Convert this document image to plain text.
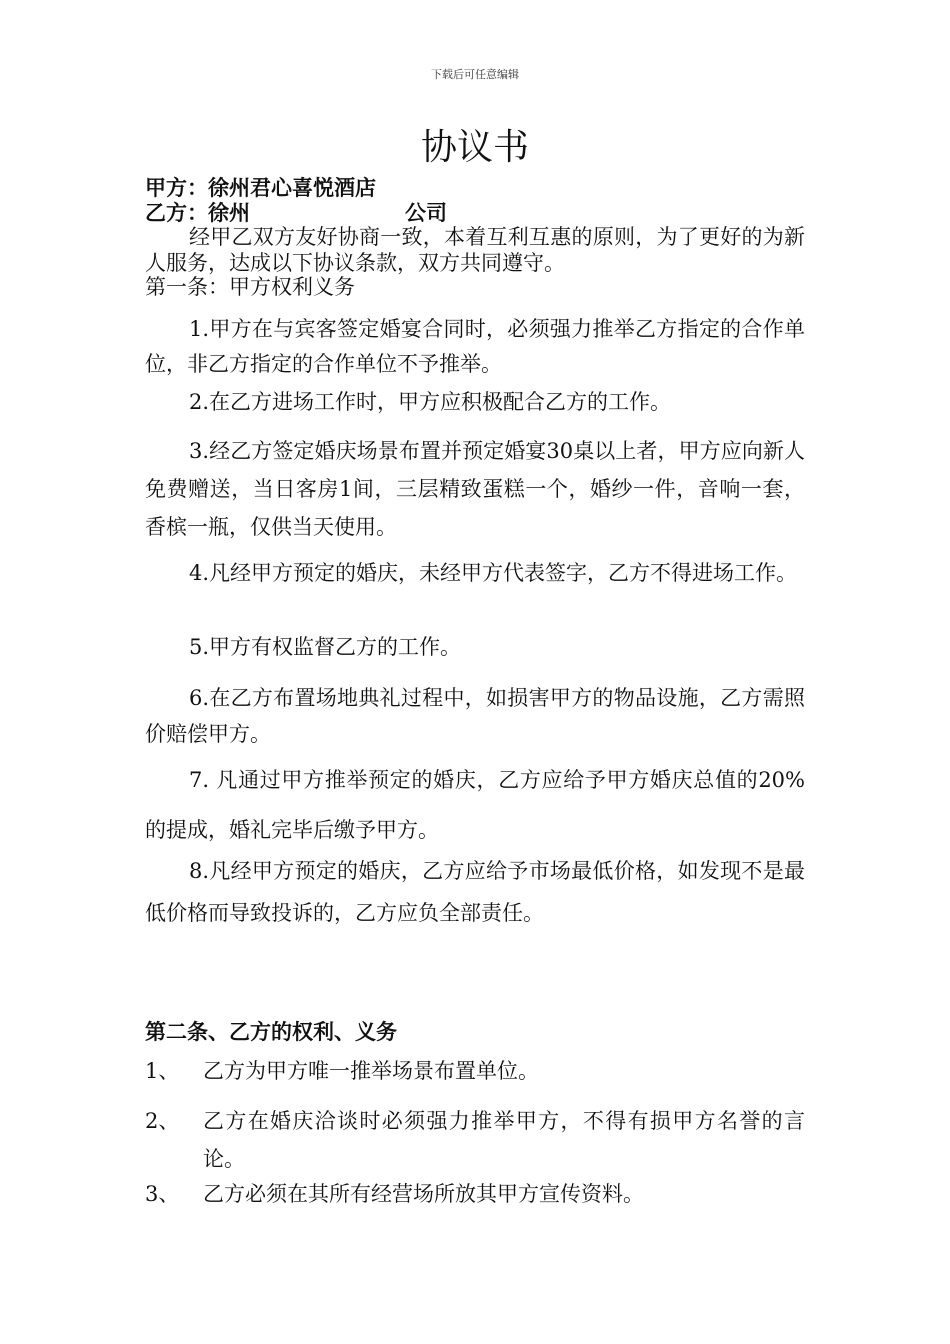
下载后可任意编辑
协议书
甲方：徐州君心喜悦酒店
乙方：徐州	公司
经甲乙双方友好协商一致，本着互利互惠的原则，为了更好的为新人服务，达成以下协议条款，双方共同遵守。
第一条：甲方权利义务
1.甲方在与宾客签定婚宴合同时，必须强力推举乙方指定的合作单位，非乙方指定的合作单位不予推举。
2.在乙方进场工作时，甲方应积极配合乙方的工作。
3.经乙方签定婚庆场景布置并预定婚宴30桌以上者，甲方应向新人免费赠送，当日客房1间，三层精致蛋糕一个，婚纱一件，音响一套，香槟一瓶，仅供当天使用。
4.凡经甲方预定的婚庆，未经甲方代表签字，乙方不得进场工作。
5.甲方有权监督乙方的工作。
6.在乙方布置场地典礼过程中，如损害甲方的物品设施，乙方需照价赔偿甲方。
7. 凡通过甲方推举预定的婚庆，乙方应给予甲方婚庆总值的20%的提成，婚礼完毕后缴予甲方。
8.凡经甲方预定的婚庆，乙方应给予市场最低价格，如发现不是最低价格而导致投诉的，乙方应负全部责任。
第二条、乙方的权利、义务
1、 乙方为甲方唯一推举场景布置单位。
2、 乙方在婚庆洽谈时必须强力推举甲方，不得有损甲方名誉的言论。
3、 乙方必须在其所有经营场所放其甲方宣传资料。
